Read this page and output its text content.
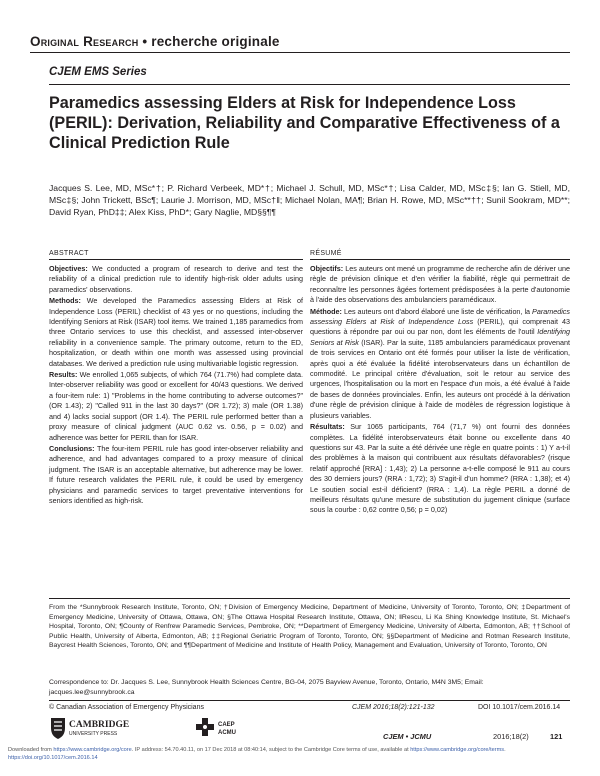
Original Research • recherche originale
CJEM EMS Series
Paramedics assessing Elders at Risk for Independence Loss (PERIL): Derivation, Reliability and Comparative Effectiveness of a Clinical Prediction Rule
Jacques S. Lee, MD, MSc*†; P. Richard Verbeek, MD*†; Michael J. Schull, MD, MSc*†; Lisa Calder, MD, MSc‡§; Ian G. Stiell, MD, MSc‡§; John Trickett, BSc¶; Laurie J. Morrison, MD, MSc†‖; Michael Nolan, MA¶; Brian H. Rowe, MD, MSc**††; Sunil Sookram, MD**; David Ryan, PhD‡‡; Alex Kiss, PhD*; Gary Naglie, MD§§¶¶
ABSTRACT

Objectives: We conducted a program of research to derive and test the reliability of a clinical prediction rule to identify high-risk older adults using paramedics' observations.

Methods: We developed the Paramedics assessing Elders at Risk of Independence Loss (PERIL) checklist of 43 yes or no questions, including the Identifying Seniors at Risk (ISAR) tool items. We trained 1,185 paramedics from three Ontario services to use this checklist, and assessed inter-observer reliability in a convenience sample. The primary outcome, return to the ED, hospitalization, or death within one month was assessed using provincial databases. We derived a prediction rule using multivariable logistic regression.

Results: We enrolled 1,065 subjects, of which 764 (71.7%) had complete data. Inter-observer reliability was good or excellent for 40/43 questions. We derived a four-item rule: 1) "Problems in the home contributing to adverse outcomes?" (OR 1.43); 2) "Called 911 in the last 30 days?" (OR 1.72); 3) male (OR 1.38) and 4) lacks social support (OR 1.4). The PERIL rule performed better than a proxy measure of clinical judgment (AUC 0.62 vs. 0.56, p = 0.02) and adherence was better for PERIL than for ISAR.

Conclusions: The four-item PERIL rule has good inter-observer reliability and adherence, and had advantages compared to a proxy measure of clinical judgment. The ISAR is an acceptable alternative, but adherence may be lower. If future research validates the PERIL rule, it could be used by emergency physicians and paramedic services to target preventative interventions for seniors identified as high-risk.

RÉSUMÉ

Objectifs: Les auteurs ont mené un programme de recherche afin de dériver une règle de prévision clinique et d'en vérifier la fiabilité, règle qui permettrait de reconnaître les personnes âgées fortement prédisposées à la perte d'autonomie à l'aide des observations des ambulanciers paramédicaux.

Méthode: Les auteurs ont d'abord élaboré une liste de vérification, la Paramedics assessing Elders at Risk of Independence Loss (PERIL), qui comprenait 43 questions à répondre par oui ou par non, dont les éléments de l'outil Identifying Seniors at Risk (ISAR). Par la suite, 1185 ambulanciers paramédicaux provenant de trois services en Ontario ont été formés pour utiliser la liste de vérification, après quoi a été évaluée la fidélité interobservateurs dans un échantillon de commodité. Le principal critère d'évaluation, soit le retour au service des urgences, l'hospitalisation ou la mort en l'espace d'un mois, a été évalué à l'aide de bases de données provinciales. Enfin, les auteurs ont procédé à la dérivation d'une règle de prévision clinique à l'aide de modèles de régression logistique à plusieurs variables.

Résultats: Sur 1065 participants, 764 (71,7 %) ont fourni des données complètes. La fidélité interobservateurs était bonne ou excellente dans 40 questions sur 43. Par la suite a été dérivée une règle en quatre points : 1) Y a-t-il des problèmes à la maison qui contribuent aux résultats défavorables? (risque relatif approché [RRA] : 1,43); 2) La personne a-t-elle composé le 911 au cours des 30 derniers jours? (RRA : 1,72); 3) S'agit-il d'un homme? (RRA : 1,38); et 4) Le soutien social est-il déficient? (RRA : 1,4). La règle PERIL a donné de meilleurs résultats qu'une mesure de substitution du jugement clinique (surface sous la courbe : 0,62 contre 0,56; p = 0,02)

From the *Sunnybrook Research Institute, Toronto, ON; †Division of Emergency Medicine, Department of Medicine, University of Toronto, Toronto, ON; ‡Department of Emergency Medicine, University of Ottawa, Ottawa, ON; §The Ottawa Hospital Research Institute, Ottawa, ON; ‖Rescu, Li Ka Shing Knowledge Institute, St. Michael's Hospital, Toronto, ON; ¶County of Renfrew Paramedic Services, Pembroke, ON; **Department of Emergency Medicine, University of Alberta, Edmonton, AB; ††School of Public Health, University of Alberta, Edmonton, AB; ‡‡Regional Geriatric Program of Toronto, Toronto, ON; §§Department of Medicine and Rotman Research Institute, Baycrest Health Sciences, Toronto, ON; and ¶¶Department of Medicine and Institute of Health Policy, Management and Evaluation, University of Toronto, Toronto, ON
Correspondence to: Dr. Jacques S. Lee, Sunnybrook Health Sciences Centre, BG-04, 2075 Bayview Avenue, Toronto, Ontario, M4N 3M5; Email: jacques.lee@sunnybrook.ca
© Canadian Association of Emergency Physicians	CJEM 2016;18(2):121-132	DOI 10.1017/cem.2016.14
CAMBRIDGE
UNIVERSITY PRESS
CAEP
ACMU	CJEM • JCMU	2016;18(2)	121
Downloaded from https://www.cambridge.org/core. IP address: 54.70.40.11, on 17 Dec 2018 at 08:40:14, subject to the Cambridge Core terms of use, available at https://www.cambridge.org/core/terms. https://doi.org/10.1017/cem.2016.14
